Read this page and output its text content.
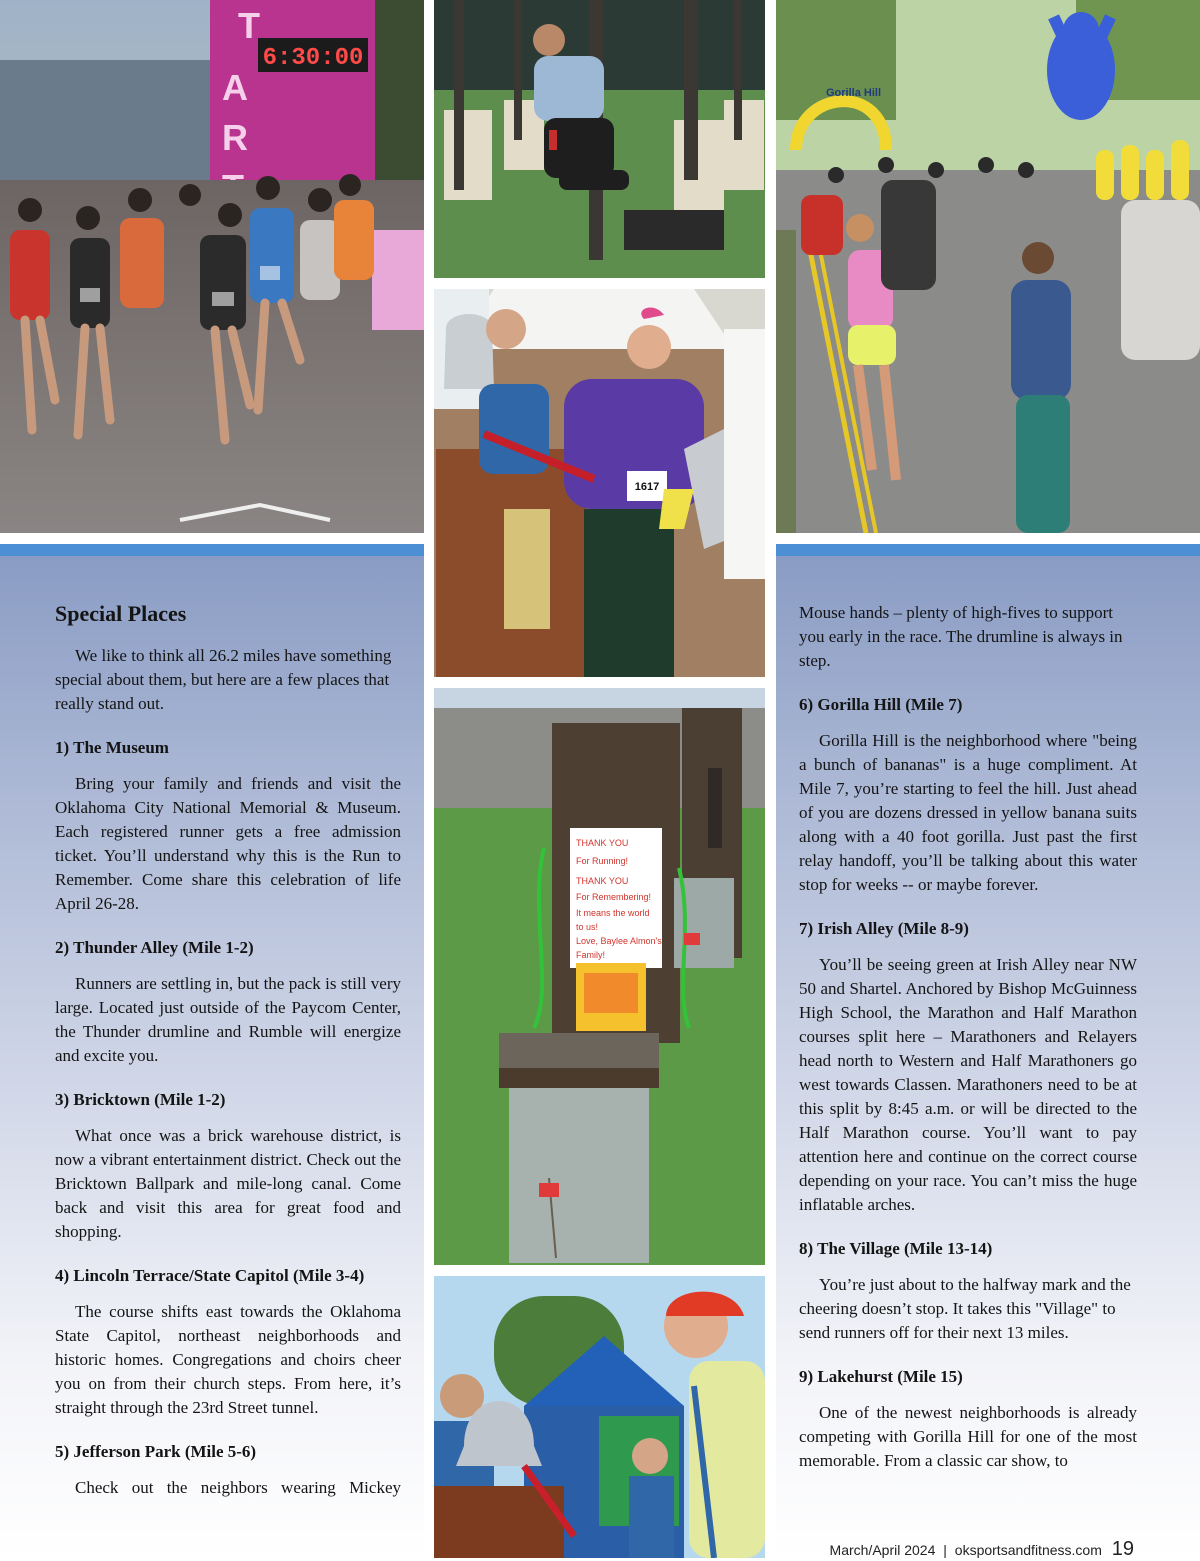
6:30:00
T
A
R
1617
Gorilla Hill
THANK YOU
For Running!
THANK YOU
For Remembering!
It means the world
to us!
Love, Baylee Almon's
Family!
Special Places

We like to think all 26.2 miles have something special about them, but here are a few places that really stand out.

1) The Museum

Bring your family and friends and visit the Oklahoma City National Memorial & Museum. Each registered runner gets a free admission ticket. You’ll understand why this is the Run to Remember. Come share this celebration of life April 26-28.

2) Thunder Alley (Mile 1-2)

Runners are settling in, but the pack is still very large. Located just outside of the Paycom Center, the Thunder drumline and Rumble will energize and excite you.

3) Bricktown (Mile 1-2)

What once was a brick warehouse district, is now a vibrant entertainment district. Check out the Bricktown Ballpark and mile-long canal. Come back and visit this area for great food and shopping.

4) Lincoln Terrace/State Capitol (Mile 3-4)

The course shifts east towards the Oklahoma State Capitol, northeast neighborhoods and historic homes. Congregations and choirs cheer you on from their church steps. From here, it’s straight through the 23rd Street tunnel.

5) Jefferson Park (Mile 5-6)

Check out the neighbors wearing Mickey

Mouse hands – plenty of high-fives to support you early in the race. The drumline is always in step.

6) Gorilla Hill (Mile 7)

Gorilla Hill is the neighborhood where "being a bunch of bananas" is a huge compliment. At Mile 7, you’re starting to feel the hill. Just ahead of you are dozens dressed in yellow banana suits along with a 40 foot gorilla. Just past the first relay handoff, you’ll be talking about this water stop for weeks -- or maybe forever.

7) Irish Alley (Mile 8-9)

You’ll be seeing green at Irish Alley near NW 50 and Shartel. Anchored by Bishop McGuinness High School, the Marathon and Half Marathon courses split here – Marathoners and Relayers head north to Western and Half Marathoners go west towards Classen. Marathoners need to be at this split by 8:45 a.m. or will be directed to the Half Marathon course. You’ll want to pay attention here and continue on the correct course depending on your race. You can’t miss the huge inflatable arches.

8) The Village (Mile 13-14)

You’re just about to the halfway mark and the cheering doesn’t stop. It takes this "Village" to send runners off for their next 13 miles.

9) Lakehurst (Mile 15)

One of the newest neighborhoods is already competing with Gorilla Hill for one of the most memorable. From a classic car show, to

March/April 2024 | oksportsandfitness.com 19
